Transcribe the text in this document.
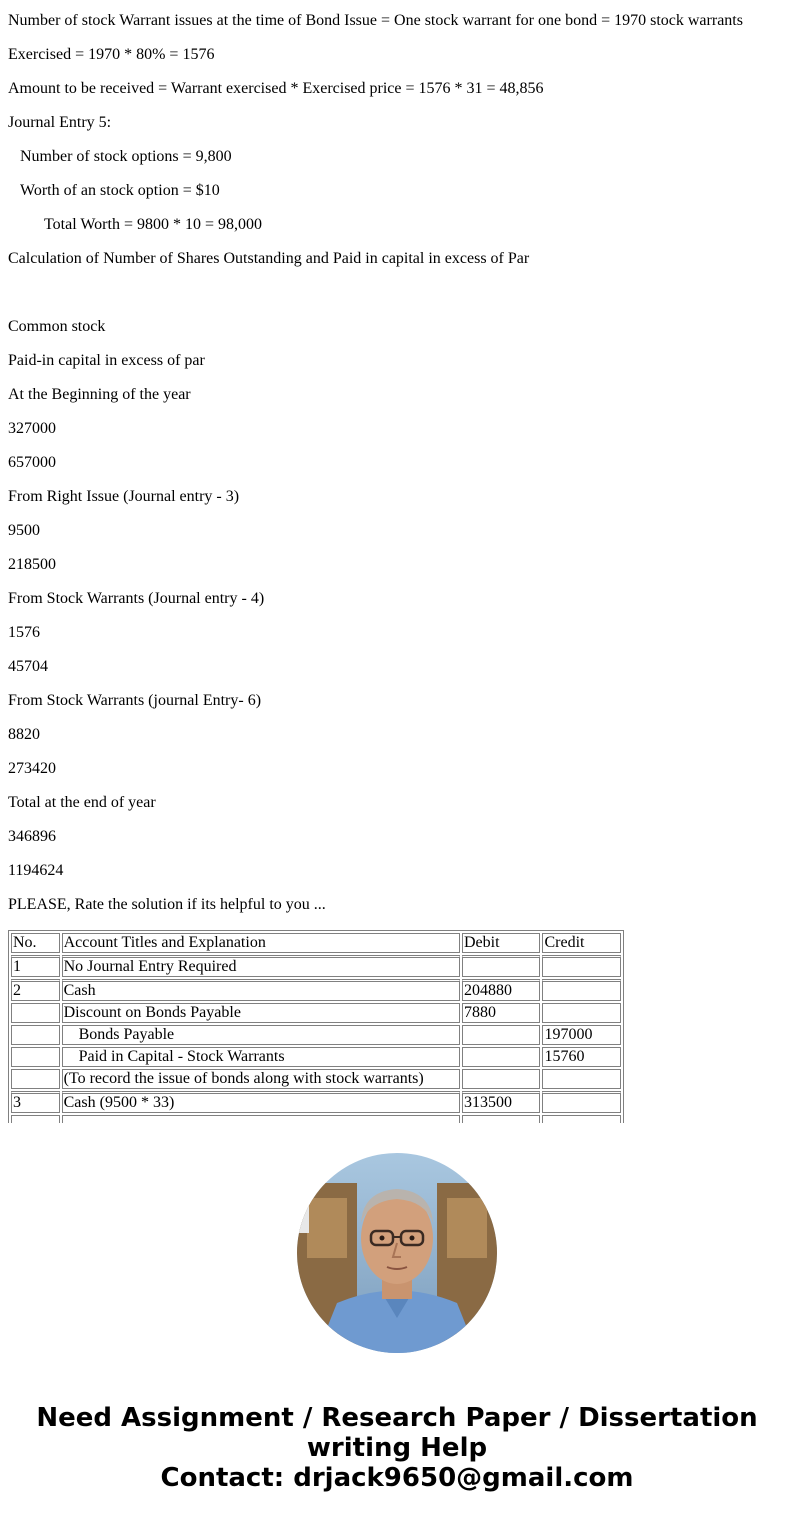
Number of stock Warrant issues at the time of Bond Issue = One stock warrant for one bond = 1970 stock warrants
Exercised = 1970 * 80% = 1576
Amount to be received = Warrant exercised * Exercised price = 1576 * 31 = 48,856
Journal Entry 5:
Number of stock options = 9,800
Worth of an stock option = $10
Total Worth = 9800 * 10 = 98,000
Calculation of Number of Shares Outstanding and Paid in capital in excess of Par
Common stock
Paid-in capital in excess of par
At the Beginning of the year
327000
657000
From Right Issue (Journal entry - 3)
9500
218500
From Stock Warrants (Journal entry - 4)
1576
45704
From Stock Warrants (journal Entry- 6)
8820
273420
Total at the end of year
346896
1194624
PLEASE, Rate the solution if its helpful to you ...
No.	Account Titles and Explanation	Debit	Credit
1	No Journal Entry Required		
2	Cash	204880	
	Discount on Bonds Payable	7880	
	Bonds Payable		197000
	Paid in Capital - Stock Warrants		15760
	(To record the issue of bonds along with stock warrants)		
3	Cash (9500 * 33)	313500	

Need Assignment / Research Paper / Dissertation
writing Help
Contact: drjack9650@gmail.com
